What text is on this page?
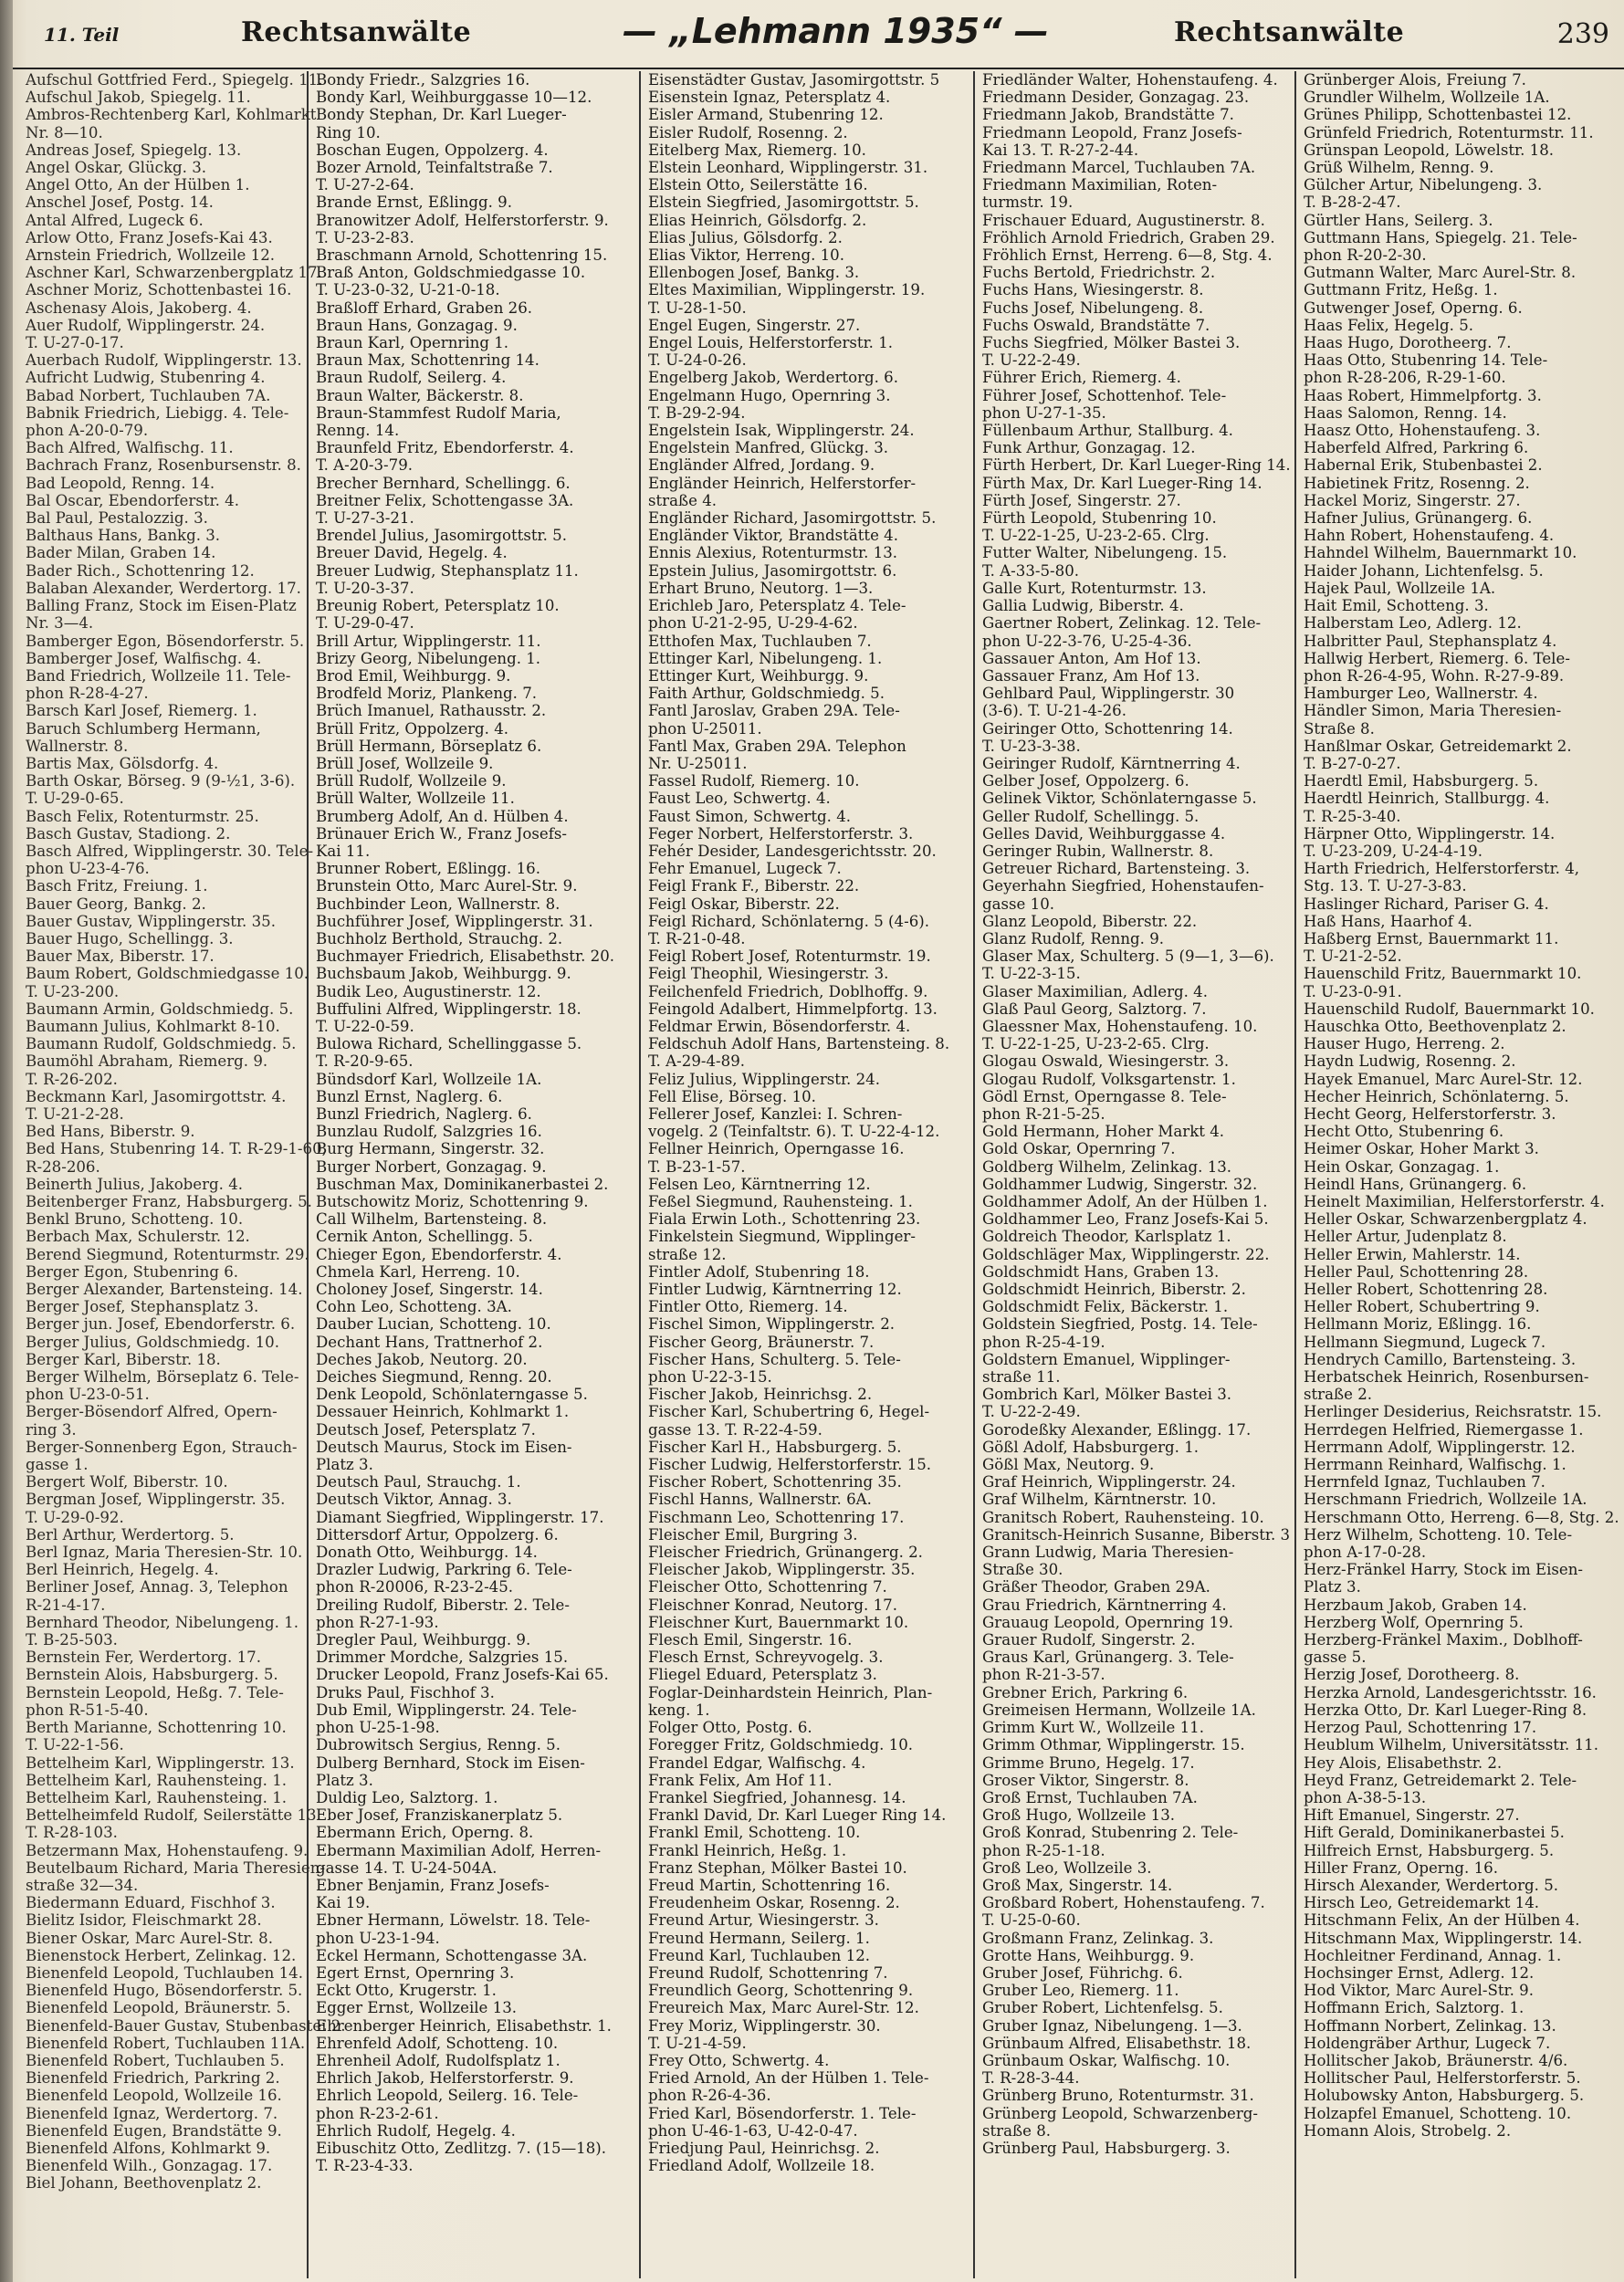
11. Teil	Rechtsanwälte	— „Lehmann 1935“ —	Rechtsanwälte	239
Aufschul Gottfried Ferd., Spiegelg. 11.
Aufschul Jakob, Spiegelg. 11.
Ambros-Rechtenberg Karl, Kohlmarkt
Nr. 8—10.
Andreas Josef, Spiegelg. 13.
Angel Oskar, Glückg. 3.
Angel Otto, An der Hülben 1.
Anschel Josef, Postg. 14.
Antal Alfred, Lugeck 6.
Arlow Otto, Franz Josefs-Kai 43.
Arnstein Friedrich, Wollzeile 12.
Aschner Karl, Schwarzenbergplatz 17.
Aschner Moriz, Schottenbastei 16.
Aschenasy Alois, Jakoberg. 4.
Auer Rudolf, Wipplingerstr. 24.
T. U-27-0-17.
Auerbach Rudolf, Wipplingerstr. 13.
Aufricht Ludwig, Stubenring 4.
Babad Norbert, Tuchlauben 7A.
Babnik Friedrich, Liebigg. 4. Tele-
phon A-20-0-79.
Bach Alfred, Walfischg. 11.
Bachrach Franz, Rosenbursenstr. 8.
Bad Leopold, Renng. 14.
Bal Oscar, Ebendorferstr. 4.
Bal Paul, Pestalozzig. 3.
Balthaus Hans, Bankg. 3.
Bader Milan, Graben 14.
Bader Rich., Schottenring 12.
Balaban Alexander, Werdertorg. 17.
Balling Franz, Stock im Eisen-Platz
Nr. 3—4.
Bamberger Egon, Bösendorferstr. 5.
Bamberger Josef, Walfischg. 4.
Band Friedrich, Wollzeile 11. Tele-
phon R-28-4-27.
Barsch Karl Josef, Riemerg. 1.
Baruch Schlumberg Hermann,
Wallnerstr. 8.
Bartis Max, Gölsdorfg. 4.
Barth Oskar, Börseg. 9 (9-½1, 3-6).
T. U-29-0-65.
Basch Felix, Rotenturmstr. 25.
Basch Gustav, Stadiong. 2.
Basch Alfred, Wipplingerstr. 30. Tele-
phon U-23-4-76.
Basch Fritz, Freiung. 1.
Bauer Georg, Bankg. 2.
Bauer Gustav, Wipplingerstr. 35.
Bauer Hugo, Schellingg. 3.
Bauer Max, Biberstr. 17.
Baum Robert, Goldschmiedgasse 10.
T. U-23-200.
Baumann Armin, Goldschmiedg. 5.
Baumann Julius, Kohlmarkt 8-10.
Baumann Rudolf, Goldschmiedg. 5.
Baumöhl Abraham, Riemerg. 9.
T. R-26-202.
Beckmann Karl, Jasomirgottstr. 4.
T. U-21-2-28.
Bed Hans, Biberstr. 9.
Bed Hans, Stubenring 14. T. R-29-1-60,
R-28-206.
Beinerth Julius, Jakoberg. 4.
Beitenberger Franz, Habsburgerg. 5.
Benkl Bruno, Schotteng. 10.
Berbach Max, Schulerstr. 12.
Berend Siegmund, Rotenturmstr. 29.
Berger Egon, Stubenring 6.
Berger Alexander, Bartensteing. 14.
Berger Josef, Stephansplatz 3.
Berger jun. Josef, Ebendorferstr. 6.
Berger Julius, Goldschmiedg. 10.
Berger Karl, Biberstr. 18.
Berger Wilhelm, Börseplatz 6. Tele-
phon U-23-0-51.
Berger-Bösendorf Alfred, Opern-
ring 3.
Berger-Sonnenberg Egon, Strauch-
gasse 1.
Bergert Wolf, Biberstr. 10.
Bergman Josef, Wipplingerstr. 35.
T. U-29-0-92.
Berl Arthur, Werdertorg. 5.
Berl Ignaz, Maria Theresien-Str. 10.
Berl Heinrich, Hegelg. 4.
Berliner Josef, Annag. 3, Telephon
R-21-4-17.
Bernhard Theodor, Nibelungeng. 1.
T. B-25-503.
Bernstein Fer, Werdertorg. 17.
Bernstein Alois, Habsburgerg. 5.
Bernstein Leopold, Heßg. 7. Tele-
phon R-51-5-40.
Berth Marianne, Schottenring 10.
T. U-22-1-56.
Bettelheim Karl, Wipplingerstr. 13.
Bettelheim Karl, Rauhensteing. 1.
Bettelheim Karl, Rauhensteing. 1.
Bettelheimfeld Rudolf, Seilerstätte 13.
T. R-28-103.
Betzermann Max, Hohenstaufeng. 9.
Beutelbaum Richard, Maria Theresien-
straße 32—34.
Biedermann Eduard, Fischhof 3.
Bielitz Isidor, Fleischmarkt 28.
Biener Oskar, Marc Aurel-Str. 8.
Bienenstock Herbert, Zelinkag. 12.
Bienenfeld Leopold, Tuchlauben 14.
Bienenfeld Hugo, Bösendorferstr. 5.
Bienenfeld Leopold, Bräunerstr. 5.
Bienenfeld-Bauer Gustav, Stubenbastei 2.
Bienenfeld Robert, Tuchlauben 11A.
Bienenfeld Robert, Tuchlauben 5.
Bienenfeld Friedrich, Parkring 2.
Bienenfeld Leopold, Wollzeile 16.
Bienenfeld Ignaz, Werdertorg. 7.
Bienenfeld Eugen, Brandstätte 9.
Bienenfeld Alfons, Kohlmarkt 9.
Bienenfeld Wilh., Gonzagag. 17.
Biel Johann, Beethovenplatz 2.
Bondy Friedr., Salzgries 16.
Bondy Karl, Weihburggasse 10—12.
Bondy Stephan, Dr. Karl Lueger-
Ring 10.
Boschan Eugen, Oppolzerg. 4.
Bozer Arnold, Teinfaltstraße 7.
T. U-27-2-64.
Brande Ernst, Eßlingg. 9.
Branowitzer Adolf, Helferstorferstr. 9.
T. U-23-2-83.
Braschmann Arnold, Schottenring 15.
Braß Anton, Goldschmiedgasse 10.
T. U-23-0-32, U-21-0-18.
Braßloff Erhard, Graben 26.
Braun Hans, Gonzagag. 9.
Braun Karl, Opernring 1.
Braun Max, Schottenring 14.
Braun Rudolf, Seilerg. 4.
Braun Walter, Bäckerstr. 8.
Braun-Stammfest Rudolf Maria,
Renng. 14.
Braunfeld Fritz, Ebendorferstr. 4.
T. A-20-3-79.
Brecher Bernhard, Schellingg. 6.
Breitner Felix, Schottengasse 3A.
T. U-27-3-21.
Brendel Julius, Jasomirgottstr. 5.
Breuer David, Hegelg. 4.
Breuer Ludwig, Stephansplatz 11.
T. U-20-3-37.
Breunig Robert, Petersplatz 10.
T. U-29-0-47.
Brill Artur, Wipplingerstr. 11.
Brizy Georg, Nibelungeng. 1.
Brod Emil, Weihburgg. 9.
Brodfeld Moriz, Plankeng. 7.
Brüch Imanuel, Rathausstr. 2.
Brüll Fritz, Oppolzerg. 4.
Brüll Hermann, Börseplatz 6.
Brüll Josef, Wollzeile 9.
Brüll Rudolf, Wollzeile 9.
Brüll Walter, Wollzeile 11.
Brumberg Adolf, An d. Hülben 4.
Brünauer Erich W., Franz Josefs-
Kai 11.
Brunner Robert, Eßlingg. 16.
Brunstein Otto, Marc Aurel-Str. 9.
Buchbinder Leon, Wallnerstr. 8.
Buchführer Josef, Wipplingerstr. 31.
Buchholz Berthold, Strauchg. 2.
Buchmayer Friedrich, Elisabethstr. 20.
Buchsbaum Jakob, Weihburgg. 9.
Budik Leo, Augustinerstr. 12.
Buffulini Alfred, Wipplingerstr. 18.
T. U-22-0-59.
Bulowa Richard, Schellinggasse 5.
T. R-20-9-65.
Bündsdorf Karl, Wollzeile 1A.
Bunzl Ernst, Naglerg. 6.
Bunzl Friedrich, Naglerg. 6.
Bunzlau Rudolf, Salzgries 16.
Burg Hermann, Singerstr. 32.
Burger Norbert, Gonzagag. 9.
Buschman Max, Dominikanerbastei 2.
Butschowitz Moriz, Schottenring 9.
Call Wilhelm, Bartensteing. 8.
Cernik Anton, Schellingg. 5.
Chieger Egon, Ebendorferstr. 4.
Chmela Karl, Herreng. 10.
Choloney Josef, Singerstr. 14.
Cohn Leo, Schotteng. 3A.
Dauber Lucian, Schotteng. 10.
Dechant Hans, Trattnerhof 2.
Deches Jakob, Neutorg. 20.
Deiches Siegmund, Renng. 20.
Denk Leopold, Schönlaterngasse 5.
Dessauer Heinrich, Kohlmarkt 1.
Deutsch Josef, Petersplatz 7.
Deutsch Maurus, Stock im Eisen-
Platz 3.
Deutsch Paul, Strauchg. 1.
Deutsch Viktor, Annag. 3.
Diamant Siegfried, Wipplingerstr. 17.
Dittersdorf Artur, Oppolzerg. 6.
Donath Otto, Weihburgg. 14.
Drazler Ludwig, Parkring 6. Tele-
phon R-20006, R-23-2-45.
Dreiling Rudolf, Biberstr. 2. Tele-
phon R-27-1-93.
Dregler Paul, Weihburgg. 9.
Drimmer Mordche, Salzgries 15.
Drucker Leopold, Franz Josefs-Kai 65.
Druks Paul, Fischhof 3.
Dub Emil, Wipplingerstr. 24. Tele-
phon U-25-1-98.
Dubrowitsch Sergius, Renng. 5.
Dulberg Bernhard, Stock im Eisen-
Platz 3.
Duldig Leo, Salztorg. 1.
Eber Josef, Franziskanerplatz 5.
Ebermann Erich, Operng. 8.
Ebermann Maximilian Adolf, Herren-
gasse 14. T. U-24-504A.
Ebner Benjamin, Franz Josefs-
Kai 19.
Ebner Hermann, Löwelstr. 18. Tele-
phon U-23-1-94.
Eckel Hermann, Schottengasse 3A.
Egert Ernst, Opernring 3.
Eckt Otto, Krugerstr. 1.
Egger Ernst, Wollzeile 13.
Ehrenberger Heinrich, Elisabethstr. 1.
Ehrenfeld Adolf, Schotteng. 10.
Ehrenheil Adolf, Rudolfsplatz 1.
Ehrlich Jakob, Helferstorferstr. 9.
Ehrlich Leopold, Seilerg. 16. Tele-
phon R-23-2-61.
Ehrlich Rudolf, Hegelg. 4.
Eibuschitz Otto, Zedlitzg. 7. (15—18).
T. R-23-4-33.
Eisenstädter Gustav, Jasomirgottstr. 5
Eisenstein Ignaz, Petersplatz 4.
Eisler Armand, Stubenring 12.
Eisler Rudolf, Rosenng. 2.
Eitelberg Max, Riemerg. 10.
Elstein Leonhard, Wipplingerstr. 31.
Elstein Otto, Seilerstätte 16.
Elstein Siegfried, Jasomirgottstr. 5.
Elias Heinrich, Gölsdorfg. 2.
Elias Julius, Gölsdorfg. 2.
Elias Viktor, Herreng. 10.
Ellenbogen Josef, Bankg. 3.
Eltes Maximilian, Wipplingerstr. 19.
T. U-28-1-50.
Engel Eugen, Singerstr. 27.
Engel Louis, Helferstorferstr. 1.
T. U-24-0-26.
Engelberg Jakob, Werdertorg. 6.
Engelmann Hugo, Opernring 3.
T. B-29-2-94.
Engelstein Isak, Wipplingerstr. 24.
Engelstein Manfred, Glückg. 3.
Engländer Alfred, Jordang. 9.
Engländer Heinrich, Helferstorfer-
straße 4.
Engländer Richard, Jasomirgottstr. 5.
Engländer Viktor, Brandstätte 4.
Ennis Alexius, Rotenturmstr. 13.
Epstein Julius, Jasomirgottstr. 6.
Erhart Bruno, Neutorg. 1—3.
Erichleb Jaro, Petersplatz 4. Tele-
phon U-21-2-95, U-29-4-62.
Etthofen Max, Tuchlauben 7.
Ettinger Karl, Nibelungeng. 1.
Ettinger Kurt, Weihburgg. 9.
Faith Arthur, Goldschmiedg. 5.
Fantl Jaroslav, Graben 29A. Tele-
phon U-25011.
Fantl Max, Graben 29A. Telephon
Nr. U-25011.
Fassel Rudolf, Riemerg. 10.
Faust Leo, Schwertg. 4.
Faust Simon, Schwertg. 4.
Feger Norbert, Helferstorferstr. 3.
Fehér Desider, Landesgerichtsstr. 20.
Fehr Emanuel, Lugeck 7.
Feigl Frank F., Biberstr. 22.
Feigl Oskar, Biberstr. 22.
Feigl Richard, Schönlaterng. 5 (4-6).
T. R-21-0-48.
Feigl Robert Josef, Rotenturmstr. 19.
Feigl Theophil, Wiesingerstr. 3.
Feilchenfeld Friedrich, Doblhoffg. 9.
Feingold Adalbert, Himmelpfortg. 13.
Feldmar Erwin, Bösendorferstr. 4.
Feldschuh Adolf Hans, Bartensteing. 8.
T. A-29-4-89.
Feliz Julius, Wipplingerstr. 24.
Fell Elise, Börseg. 10.
Fellerer Josef, Kanzlei: I. Schren-
vogelg. 2 (Teinfaltstr. 6). T. U-22-4-12.
Fellner Heinrich, Operngasse 16.
T. B-23-1-57.
Felsen Leo, Kärntnerring 12.
Feßel Siegmund, Rauhensteing. 1.
Fiala Erwin Loth., Schottenring 23.
Finkelstein Siegmund, Wipplinger-
straße 12.
Fintler Adolf, Stubenring 18.
Fintler Ludwig, Kärntnerring 12.
Fintler Otto, Riemerg. 14.
Fischel Simon, Wipplingerstr. 2.
Fischer Georg, Bräunerstr. 7.
Fischer Hans, Schulterg. 5. Tele-
phon U-22-3-15.
Fischer Jakob, Heinrichsg. 2.
Fischer Karl, Schubertring 6, Hegel-
gasse 13. T. R-22-4-59.
Fischer Karl H., Habsburgerg. 5.
Fischer Ludwig, Helferstorferstr. 15.
Fischer Robert, Schottenring 35.
Fischl Hanns, Wallnerstr. 6A.
Fischmann Leo, Schottenring 17.
Fleischer Emil, Burgring 3.
Fleischer Friedrich, Grünangerg. 2.
Fleischer Jakob, Wipplingerstr. 35.
Fleischer Otto, Schottenring 7.
Fleischner Konrad, Neutorg. 17.
Fleischner Kurt, Bauernmarkt 10.
Flesch Emil, Singerstr. 16.
Flesch Ernst, Schreyvogelg. 3.
Fliegel Eduard, Petersplatz 3.
Foglar-Deinhardstein Heinrich, Plan-
keng. 1.
Folger Otto, Postg. 6.
Foregger Fritz, Goldschmiedg. 10.
Frandel Edgar, Walfischg. 4.
Frank Felix, Am Hof 11.
Frankel Siegfried, Johannesg. 14.
Frankl David, Dr. Karl Lueger Ring 14.
Frankl Emil, Schotteng. 10.
Frankl Heinrich, Heßg. 1.
Franz Stephan, Mölker Bastei 10.
Freud Martin, Schottenring 16.
Freudenheim Oskar, Rosenng. 2.
Freund Artur, Wiesingerstr. 3.
Freund Hermann, Seilerg. 1.
Freund Karl, Tuchlauben 12.
Freund Rudolf, Schottenring 7.
Freundlich Georg, Schottenring 9.
Freureich Max, Marc Aurel-Str. 12.
Frey Moriz, Wipplingerstr. 30.
T. U-21-4-59.
Frey Otto, Schwertg. 4.
Fried Arnold, An der Hülben 1. Tele-
phon R-26-4-36.
Fried Karl, Bösendorferstr. 1. Tele-
phon U-46-1-63, U-42-0-47.
Friedjung Paul, Heinrichsg. 2.
Friedland Adolf, Wollzeile 18.
Friedländer Walter, Hohenstaufeng. 4.
Friedmann Desider, Gonzagag. 23.
Friedmann Jakob, Brandstätte 7.
Friedmann Leopold, Franz Josefs-
Kai 13. T. R-27-2-44.
Friedmann Marcel, Tuchlauben 7A.
Friedmann Maximilian, Roten-
turmstr. 19.
Frischauer Eduard, Augustinerstr. 8.
Fröhlich Arnold Friedrich, Graben 29.
Fröhlich Ernst, Herreng. 6—8, Stg. 4.
Fuchs Bertold, Friedrichstr. 2.
Fuchs Hans, Wiesingerstr. 8.
Fuchs Josef, Nibelungeng. 8.
Fuchs Oswald, Brandstätte 7.
Fuchs Siegfried, Mölker Bastei 3.
T. U-22-2-49.
Führer Erich, Riemerg. 4.
Führer Josef, Schottenhof. Tele-
phon U-27-1-35.
Füllenbaum Arthur, Stallburg. 4.
Funk Arthur, Gonzagag. 12.
Fürth Herbert, Dr. Karl Lueger-Ring 14.
Fürth Max, Dr. Karl Lueger-Ring 14.
Fürth Josef, Singerstr. 27.
Fürth Leopold, Stubenring 10.
T. U-22-1-25, U-23-2-65. Clrg.
Futter Walter, Nibelungeng. 15.
T. A-33-5-80.
Galle Kurt, Rotenturmstr. 13.
Gallia Ludwig, Biberstr. 4.
Gaertner Robert, Zelinkag. 12. Tele-
phon U-22-3-76, U-25-4-36.
Gassauer Anton, Am Hof 13.
Gassauer Franz, Am Hof 13.
Gehlbard Paul, Wipplingerstr. 30
(3-6). T. U-21-4-26.
Geiringer Otto, Schottenring 14.
T. U-23-3-38.
Geiringer Rudolf, Kärntnerring 4.
Gelber Josef, Oppolzerg. 6.
Gelinek Viktor, Schönlaterngasse 5.
Geller Rudolf, Schellingg. 5.
Gelles David, Weihburggasse 4.
Geringer Rubin, Wallnerstr. 8.
Getreuer Richard, Bartensteing. 3.
Geyerhahn Siegfried, Hohenstaufen-
gasse 10.
Glanz Leopold, Biberstr. 22.
Glanz Rudolf, Renng. 9.
Glaser Max, Schulterg. 5 (9—1, 3—6).
T. U-22-3-15.
Glaser Maximilian, Adlerg. 4.
Glaß Paul Georg, Salztorg. 7.
Glaessner Max, Hohenstaufeng. 10.
T. U-22-1-25, U-23-2-65. Clrg.
Glogau Oswald, Wiesingerstr. 3.
Glogau Rudolf, Volksgartenstr. 1.
Gödl Ernst, Operngasse 8. Tele-
phon R-21-5-25.
Gold Hermann, Hoher Markt 4.
Gold Oskar, Opernring 7.
Goldberg Wilhelm, Zelinkag. 13.
Goldhammer Ludwig, Singerstr. 32.
Goldhammer Adolf, An der Hülben 1.
Goldhammer Leo, Franz Josefs-Kai 5.
Goldreich Theodor, Karlsplatz 1.
Goldschläger Max, Wipplingerstr. 22.
Goldschmidt Hans, Graben 13.
Goldschmidt Heinrich, Biberstr. 2.
Goldschmidt Felix, Bäckerstr. 1.
Goldstein Siegfried, Postg. 14. Tele-
phon R-25-4-19.
Goldstern Emanuel, Wipplinger-
straße 11.
Gombrich Karl, Mölker Bastei 3.
T. U-22-2-49.
Gorodeßky Alexander, Eßlingg. 17.
Gößl Adolf, Habsburgerg. 1.
Gößl Max, Neutorg. 9.
Graf Heinrich, Wipplingerstr. 24.
Graf Wilhelm, Kärntnerstr. 10.
Granitsch Robert, Rauhensteing. 10.
Granitsch-Heinrich Susanne, Biberstr. 3
Grann Ludwig, Maria Theresien-
Straße 30.
Gräßer Theodor, Graben 29A.
Grau Friedrich, Kärntnerring 4.
Grauaug Leopold, Opernring 19.
Grauer Rudolf, Singerstr. 2.
Graus Karl, Grünangerg. 3. Tele-
phon R-21-3-57.
Grebner Erich, Parkring 6.
Greimeisen Hermann, Wollzeile 1A.
Grimm Kurt W., Wollzeile 11.
Grimm Othmar, Wipplingerstr. 15.
Grimme Bruno, Hegelg. 17.
Groser Viktor, Singerstr. 8.
Groß Ernst, Tuchlauben 7A.
Groß Hugo, Wollzeile 13.
Groß Konrad, Stubenring 2. Tele-
phon R-25-1-18.
Groß Leo, Wollzeile 3.
Groß Max, Singerstr. 14.
Großbard Robert, Hohenstaufeng. 7.
T. U-25-0-60.
Großmann Franz, Zelinkag. 3.
Grotte Hans, Weihburgg. 9.
Gruber Josef, Führichg. 6.
Gruber Leo, Riemerg. 11.
Gruber Robert, Lichtenfelsg. 5.
Gruber Ignaz, Nibelungeng. 1—3.
Grünbaum Alfred, Elisabethstr. 18.
Grünbaum Oskar, Walfischg. 10.
T. R-28-3-44.
Grünberg Bruno, Rotenturmstr. 31.
Grünberg Leopold, Schwarzenberg-
straße 8.
Grünberg Paul, Habsburgerg. 3.
Grünberger Alois, Freiung 7.
Grundler Wilhelm, Wollzeile 1A.
Grünes Philipp, Schottenbastei 12.
Grünfeld Friedrich, Rotenturmstr. 11.
Grünspan Leopold, Löwelstr. 18.
Grüß Wilhelm, Renng. 9.
Gülcher Artur, Nibelungeng. 3.
T. B-28-2-47.
Gürtler Hans, Seilerg. 3.
Guttmann Hans, Spiegelg. 21. Tele-
phon R-20-2-30.
Gutmann Walter, Marc Aurel-Str. 8.
Guttmann Fritz, Heßg. 1.
Gutwenger Josef, Operng. 6.
Haas Felix, Hegelg. 5.
Haas Hugo, Dorotheerg. 7.
Haas Otto, Stubenring 14. Tele-
phon R-28-206, R-29-1-60.
Haas Robert, Himmelpfortg. 3.
Haas Salomon, Renng. 14.
Haasz Otto, Hohenstaufeng. 3.
Haberfeld Alfred, Parkring 6.
Habernal Erik, Stubenbastei 2.
Habietinek Fritz, Rosenng. 2.
Hackel Moriz, Singerstr. 27.
Hafner Julius, Grünangerg. 6.
Hahn Robert, Hohenstaufeng. 4.
Hahndel Wilhelm, Bauernmarkt 10.
Haider Johann, Lichtenfelsg. 5.
Hajek Paul, Wollzeile 1A.
Hait Emil, Schotteng. 3.
Halberstam Leo, Adlerg. 12.
Halbritter Paul, Stephansplatz 4.
Hallwig Herbert, Riemerg. 6. Tele-
phon R-26-4-95, Wohn. R-27-9-89.
Hamburger Leo, Wallnerstr. 4.
Händler Simon, Maria Theresien-
Straße 8.
Hanßlmar Oskar, Getreidemarkt 2.
T. B-27-0-27.
Haerdtl Emil, Habsburgerg. 5.
Haerdtl Heinrich, Stallburgg. 4.
T. R-25-3-40.
Härpner Otto, Wipplingerstr. 14.
T. U-23-209, U-24-4-19.
Harth Friedrich, Helferstorferstr. 4,
Stg. 13. T. U-27-3-83.
Haslinger Richard, Pariser G. 4.
Haß Hans, Haarhof 4.
Haßberg Ernst, Bauernmarkt 11.
T. U-21-2-52.
Hauenschild Fritz, Bauernmarkt 10.
T. U-23-0-91.
Hauenschild Rudolf, Bauernmarkt 10.
Hauschka Otto, Beethovenplatz 2.
Hauser Hugo, Herreng. 2.
Haydn Ludwig, Rosenng. 2.
Hayek Emanuel, Marc Aurel-Str. 12.
Hecher Heinrich, Schönlaterng. 5.
Hecht Georg, Helferstorferstr. 3.
Hecht Otto, Stubenring 6.
Heimer Oskar, Hoher Markt 3.
Hein Oskar, Gonzagag. 1.
Heindl Hans, Grünangerg. 6.
Heinelt Maximilian, Helferstorferstr. 4.
Heller Oskar, Schwarzenbergplatz 4.
Heller Artur, Judenplatz 8.
Heller Erwin, Mahlerstr. 14.
Heller Paul, Schottenring 28.
Heller Robert, Schottenring 28.
Heller Robert, Schubertring 9.
Hellmann Moriz, Eßlingg. 16.
Hellmann Siegmund, Lugeck 7.
Hendrych Camillo, Bartensteing. 3.
Herbatschek Heinrich, Rosenbursen-
straße 2.
Herlinger Desiderius, Reichsratstr. 15.
Herrdegen Helfried, Riemergasse 1.
Herrmann Adolf, Wipplingerstr. 12.
Herrmann Reinhard, Walfischg. 1.
Herrnfeld Ignaz, Tuchlauben 7.
Herschmann Friedrich, Wollzeile 1A.
Herschmann Otto, Herreng. 6—8, Stg. 2.
Herz Wilhelm, Schotteng. 10. Tele-
phon A-17-0-28.
Herz-Fränkel Harry, Stock im Eisen-
Platz 3.
Herzbaum Jakob, Graben 14.
Herzberg Wolf, Opernring 5.
Herzberg-Fränkel Maxim., Doblhoff-
gasse 5.
Herzig Josef, Dorotheerg. 8.
Herzka Arnold, Landesgerichtsstr. 16.
Herzka Otto, Dr. Karl Lueger-Ring 8.
Herzog Paul, Schottenring 17.
Heublum Wilhelm, Universitätsstr. 11.
Hey Alois, Elisabethstr. 2.
Heyd Franz, Getreidemarkt 2. Tele-
phon A-38-5-13.
Hift Emanuel, Singerstr. 27.
Hift Gerald, Dominikanerbastei 5.
Hilfreich Ernst, Habsburgerg. 5.
Hiller Franz, Operng. 16.
Hirsch Alexander, Werdertorg. 5.
Hirsch Leo, Getreidemarkt 14.
Hitschmann Felix, An der Hülben 4.
Hitschmann Max, Wipplingerstr. 14.
Hochleitner Ferdinand, Annag. 1.
Hochsinger Ernst, Adlerg. 12.
Hod Viktor, Marc Aurel-Str. 9.
Hoffmann Erich, Salztorg. 1.
Hoffmann Norbert, Zelinkag. 13.
Holdengräber Arthur, Lugeck 7.
Hollitscher Jakob, Bräunerstr. 4/6.
Hollitscher Paul, Helferstorferstr. 5.
Holubowsky Anton, Habsburgerg. 5.
Holzapfel Emanuel, Schotteng. 10.
Homann Alois, Strobelg. 2.
